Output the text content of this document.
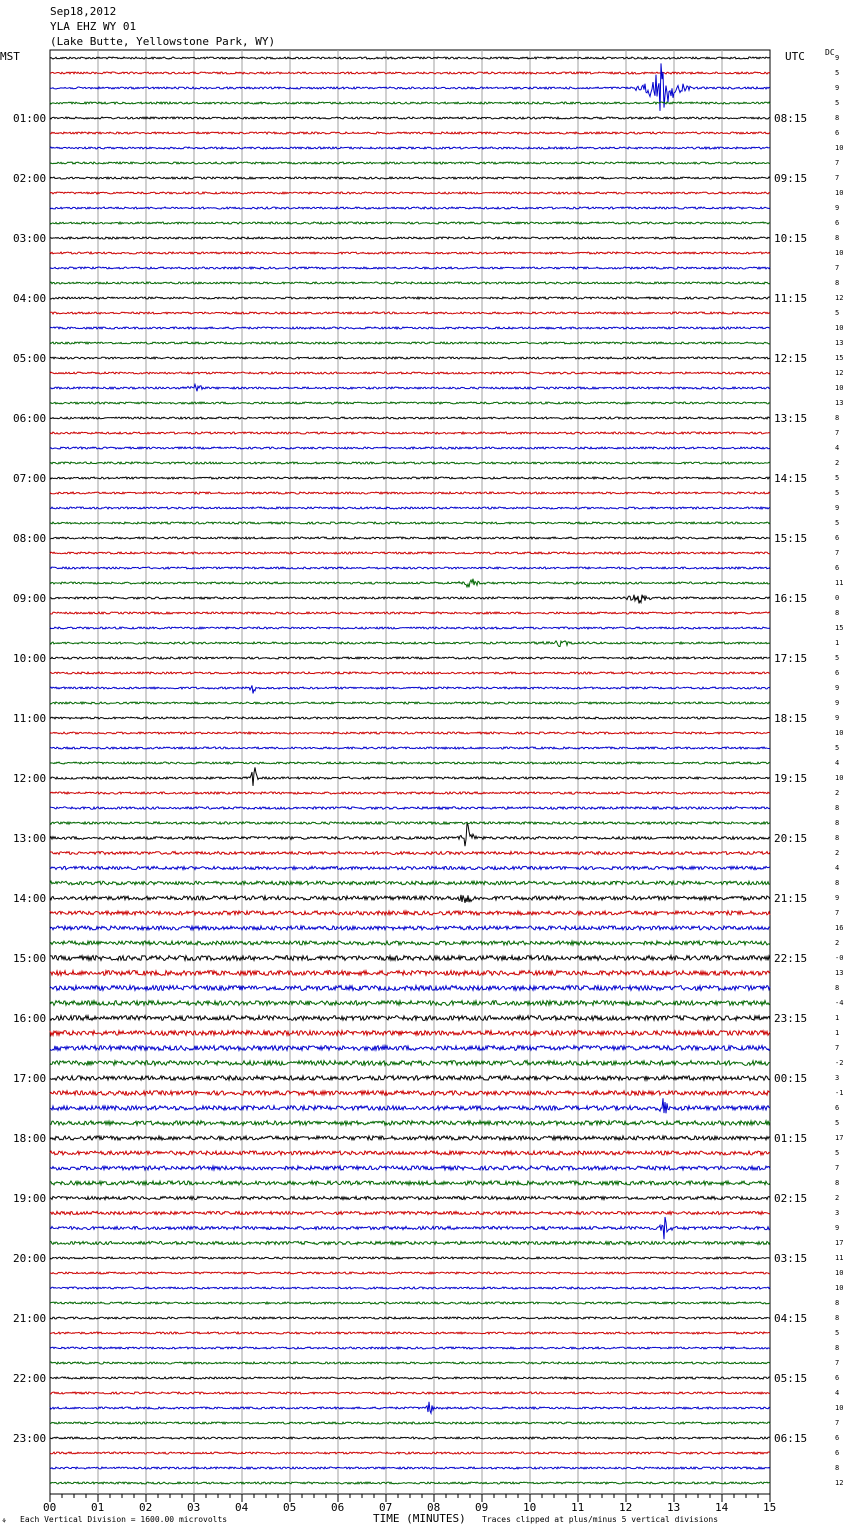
Sep18,2012
YLA EHZ WY 01
(Lake Butte, Yellowstone Park, WY)
MST	UTC	DC
01:00
02:00
03:00
04:00
05:00
06:00
07:00
08:00
09:00
10:00
11:00
12:00
13:00
14:00
15:00
16:00
17:00
18:00
19:00
20:00
21:00
22:00
23:00
08:15
09:15
10:15
11:15
12:15
13:15
14:15
15:15
16:15
17:15
18:15
19:15
20:15
21:15
22:15
23:15
00:15
01:15
02:15
03:15
04:15
05:15
06:15
9
5
9
5
8
6
10
7
7
10
9
6
8
10
7
8
12
5
10
13
15
12
10
13
8
7
4
2
5
5
9
5
6
7
6
11
0
8
15
1
5
6
9
9
9
10
5
4
10
2
8
8
8
2
4
8
9
7
16
2
-0
13
8
-4
1
1
7
-2
3
-1
6
5
17
5
7
8
2
3
9
17
11
10
10
8
8
5
8
7
6
4
10
7
6
6
8
12
00	01	02	03	04	05	06	07	08	09	10	11	12	13	14	15
TIME (MINUTES)
⚘ Each Vertical Division = 1600.00 microvolts	Traces clipped at plus/minus 5 vertical divisions
